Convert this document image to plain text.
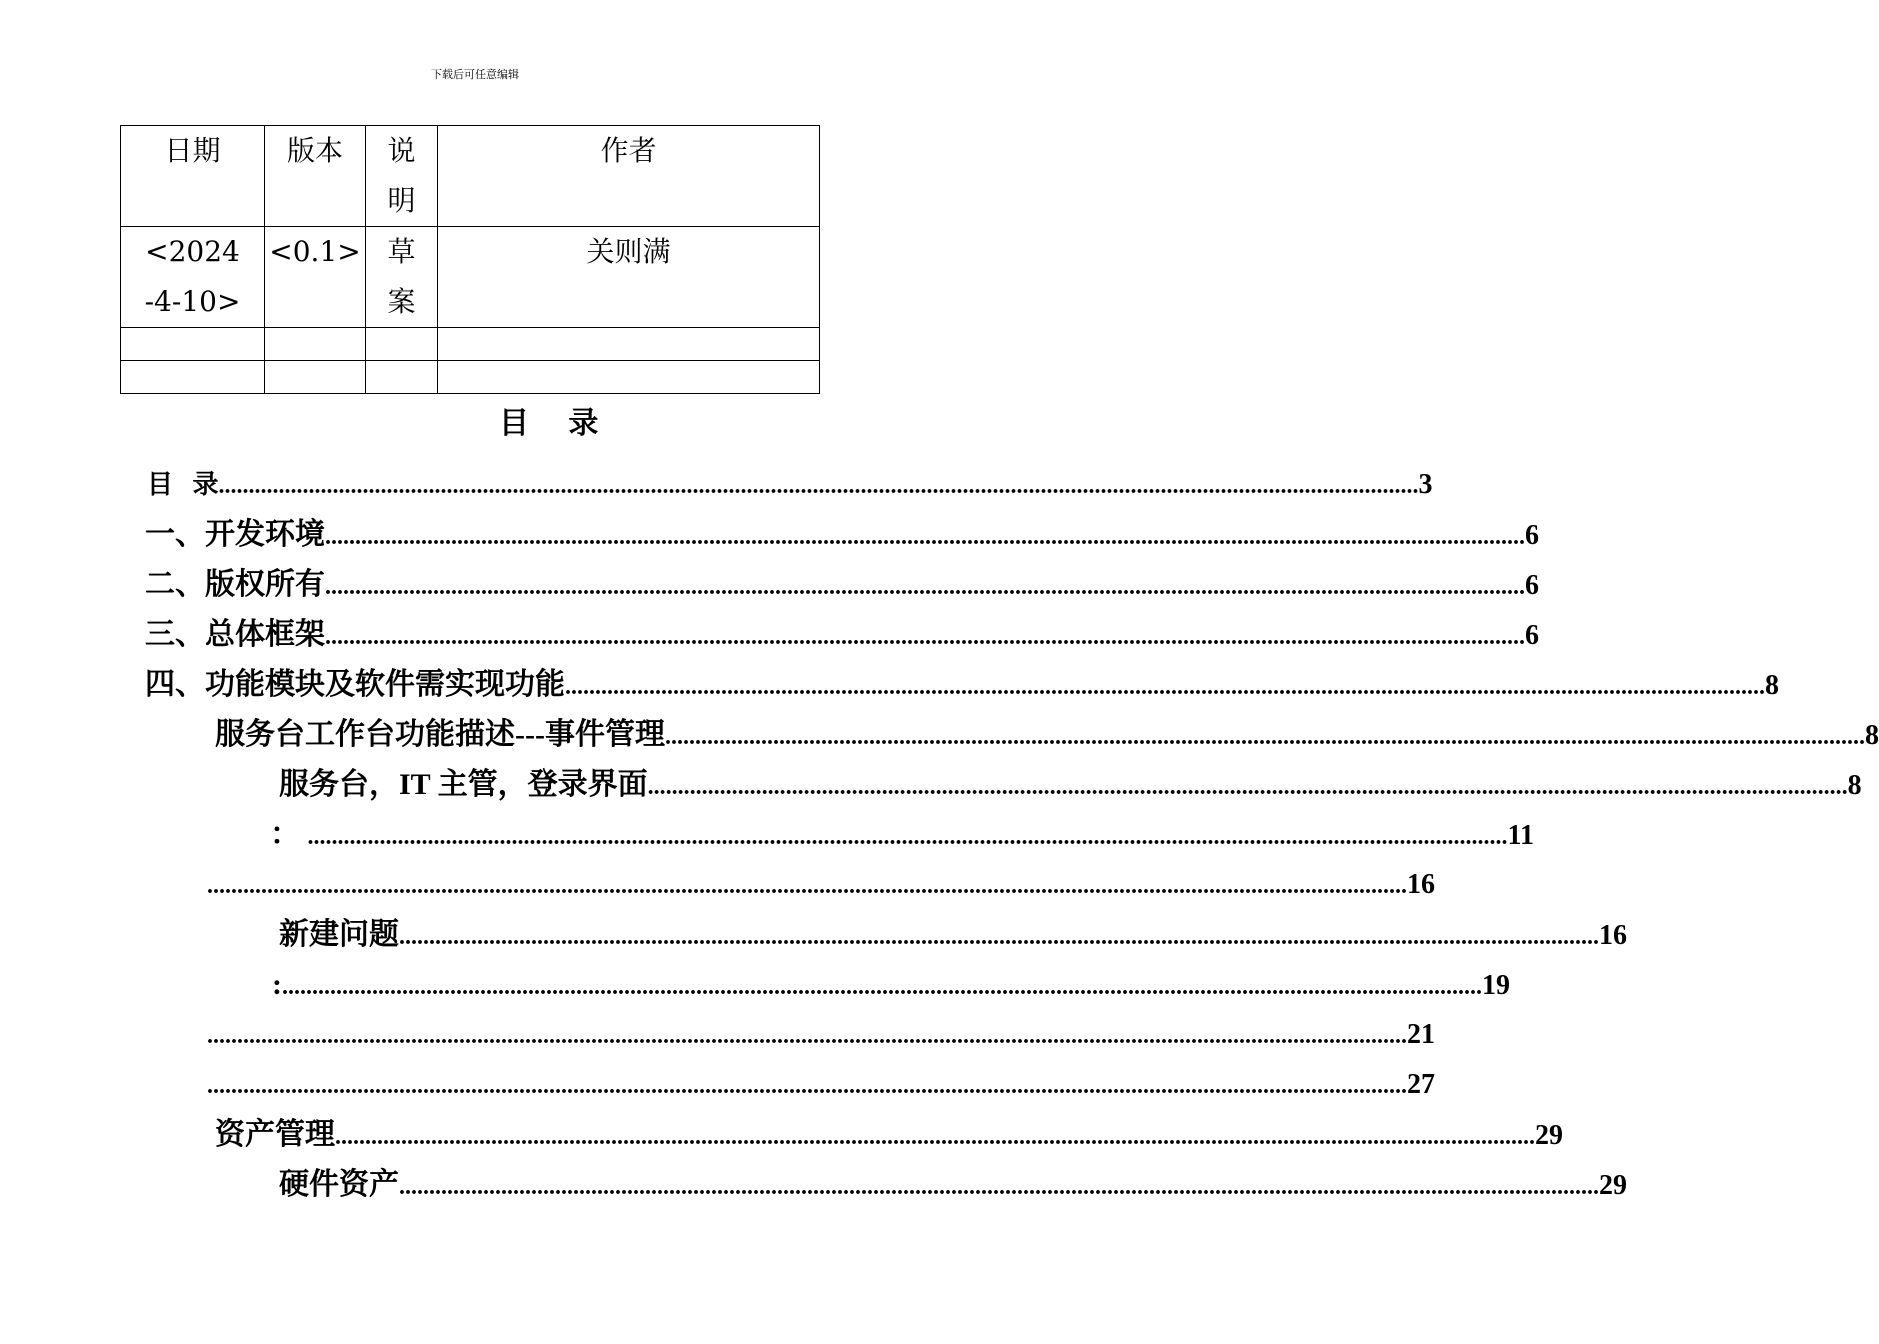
下载后可任意编辑
日期	版本	说明	作者
<2024-4-10>	<0.1>	草案	关则满

目   录
目   录 ........................................................................................................................................................................................................ 3
一、开发环境 ........................................................................................................................................................................................................ 6
二、版权所有 ........................................................................................................................................................................................................ 6
三、总体框架 ........................................................................................................................................................................................................ 6
四、功能模块及软件需实现功能 ........................................................................................................................................................................................................ 8
服务台工作台功能描述---事件管理 ........................................................................................................................................................................................................ 8
服务台，IT 主管，登录界面 ........................................................................................................................................................................................................ 8
： ........................................................................................................................................................................................................ 11
........................................................................................................................................................................................................ 16
新建问题 ........................................................................................................................................................................................................ 16
: ........................................................................................................................................................................................................ 19
........................................................................................................................................................................................................ 21
........................................................................................................................................................................................................ 27
资产管理 ........................................................................................................................................................................................................ 29
硬件资产 ........................................................................................................................................................................................................ 29
